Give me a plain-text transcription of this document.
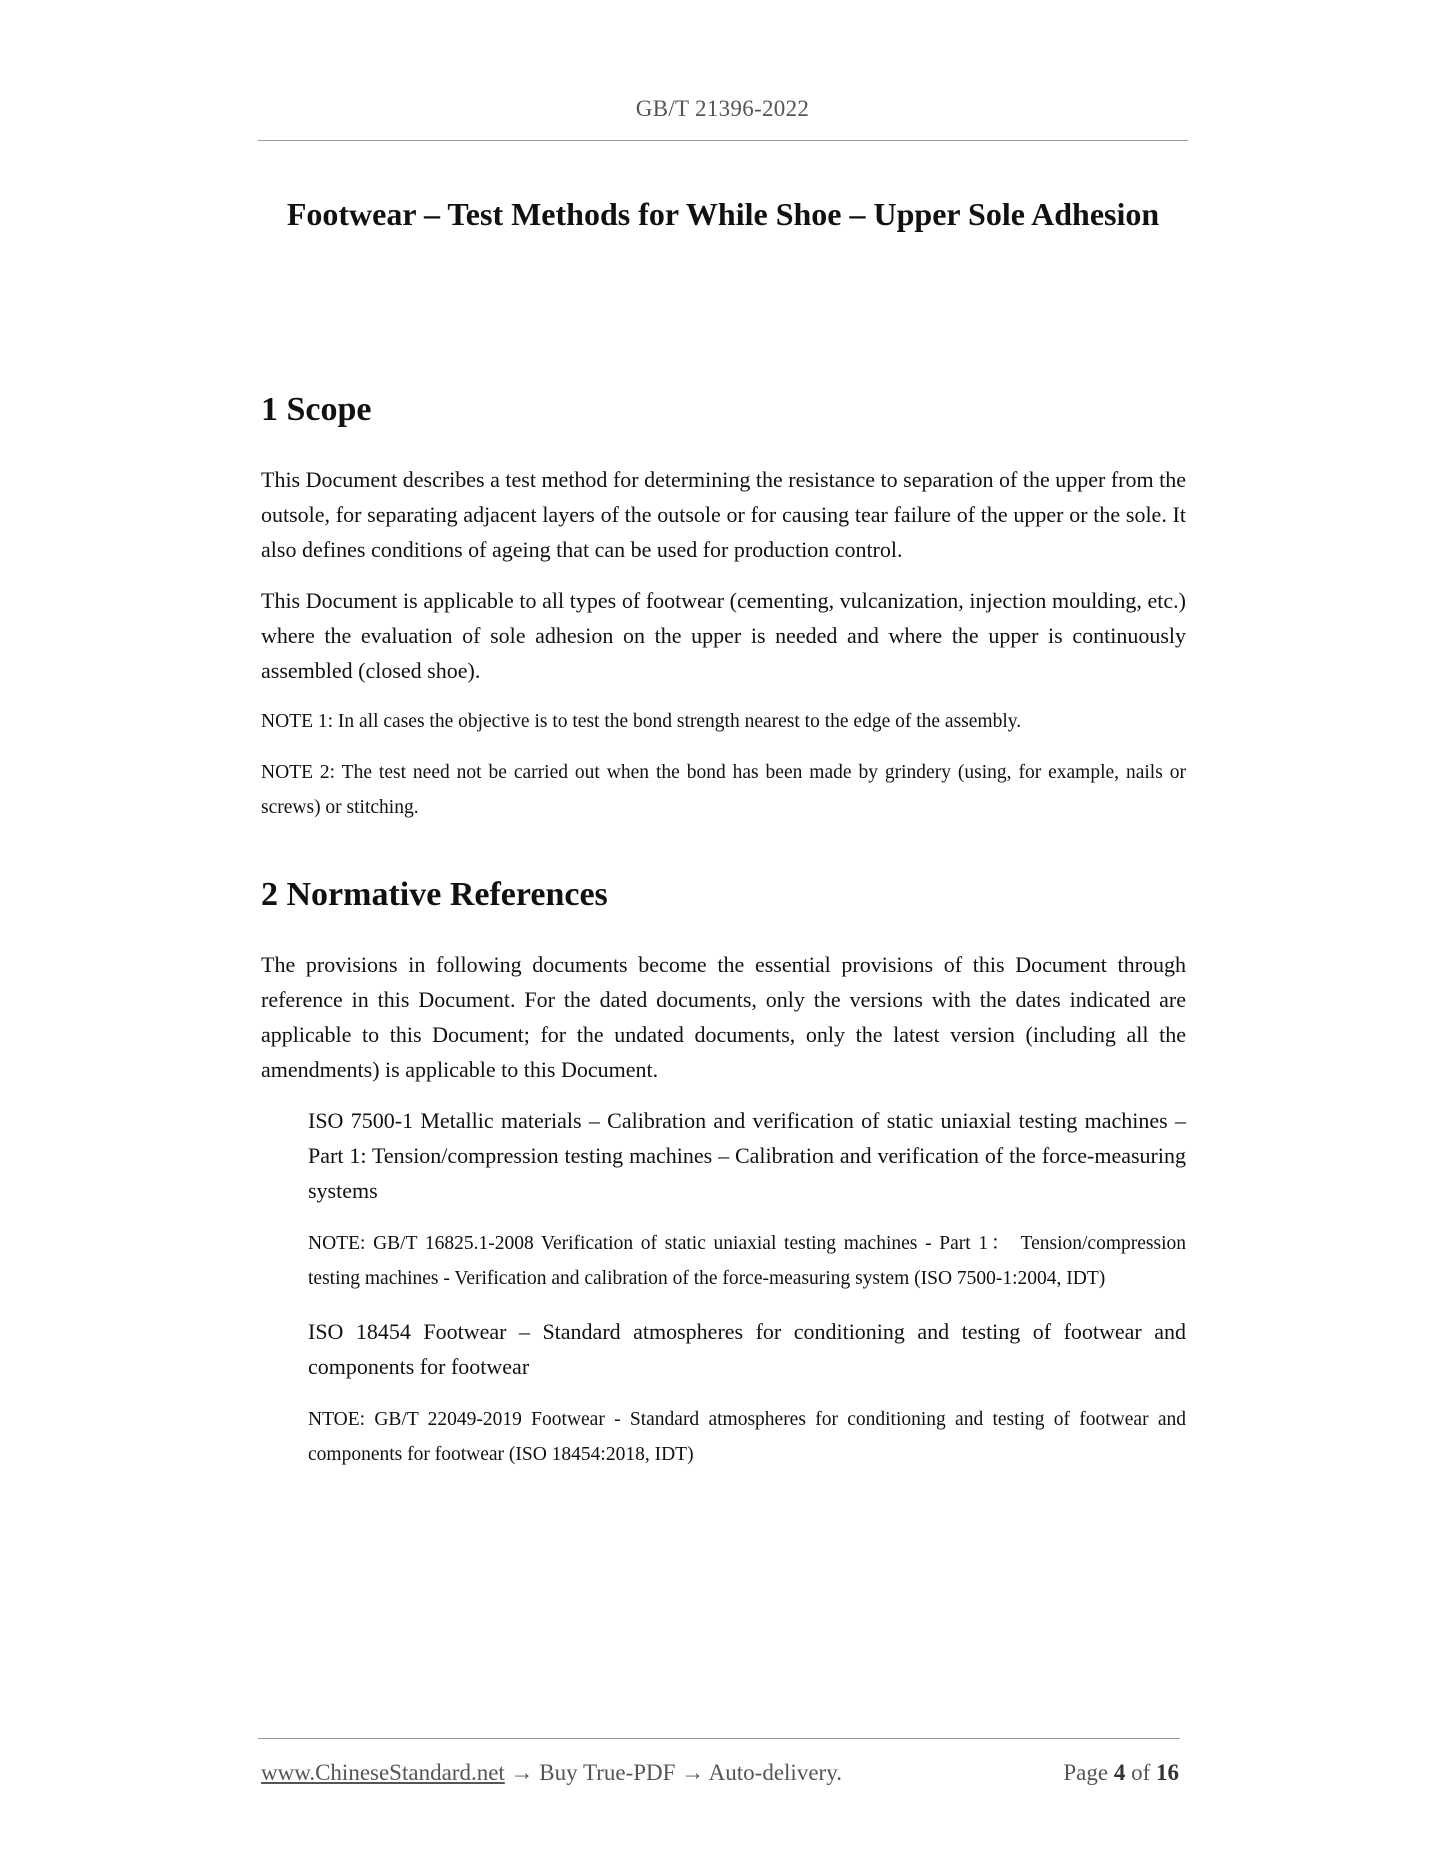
GB/T 21396-2022
Footwear – Test Methods for While Shoe – Upper Sole Adhesion
1 Scope

This Document describes a test method for determining the resistance to separation of the upper from the outsole, for separating adjacent layers of the outsole or for causing tear failure of the upper or the sole. It also defines conditions of ageing that can be used for production control.

This Document is applicable to all types of footwear (cementing, vulcanization, injection moulding, etc.) where the evaluation of sole adhesion on the upper is needed and where the upper is continuously assembled (closed shoe).

NOTE 1: In all cases the objective is to test the bond strength nearest to the edge of the assembly.

NOTE 2: The test need not be carried out when the bond has been made by grindery (using, for example, nails or screws) or stitching.

2 Normative References

The provisions in following documents become the essential provisions of this Document through reference in this Document. For the dated documents, only the versions with the dates indicated are applicable to this Document; for the undated documents, only the latest version (including all the amendments) is applicable to this Document.

ISO 7500-1 Metallic materials – Calibration and verification of static uniaxial testing machines – Part 1: Tension/compression testing machines – Calibration and verification of the force-measuring systems

NOTE: GB/T 16825.1-2008 Verification of static uniaxial testing machines - Part 1： Tension/compression testing machines - Verification and calibration of the force-measuring system (ISO 7500-1:2004, IDT)

ISO 18454 Footwear – Standard atmospheres for conditioning and testing of footwear and components for footwear

NTOE: GB/T 22049-2019 Footwear - Standard atmospheres for conditioning and testing of footwear and components for footwear (ISO 18454:2018, IDT)

www.ChineseStandard.net → Buy True-PDF → Auto-delivery.	Page 4 of 16
